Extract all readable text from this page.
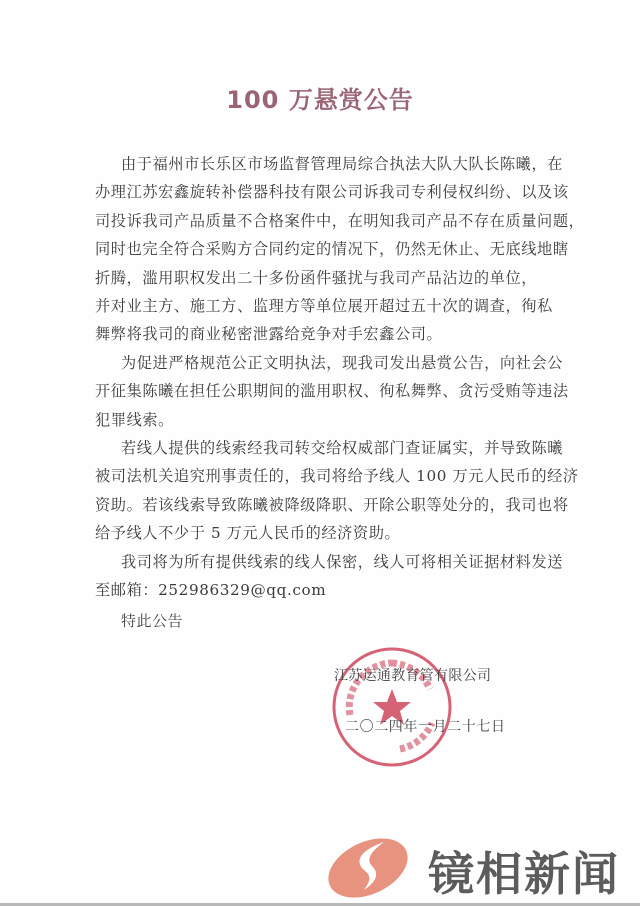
100 万悬赏公告
由于福州市长乐区市场监督管理局综合执法大队大队长陈曦，在
办理江苏宏鑫旋转补偿器科技有限公司诉我司专利侵权纠纷、以及该
司投诉我司产品质量不合格案件中，在明知我司产品不存在质量问题，
同时也完全符合采购方合同约定的情况下，仍然无休止、无底线地瞎
折腾，滥用职权发出二十多份函件骚扰与我司产品沾边的单位，
并对业主方、施工方、监理方等单位展开超过五十次的调查，徇私
舞弊将我司的商业秘密泄露给竞争对手宏鑫公司。
为促进严格规范公正文明执法，现我司发出悬赏公告，向社会公
开征集陈曦在担任公职期间的滥用职权、徇私舞弊、贪污受贿等违法
犯罪线索。
若线人提供的线索经我司转交给权威部门查证属实，并导致陈曦
被司法机关追究刑事责任的，我司将给予线人 100 万元人民币的经济
资助。若该线索导致陈曦被降级降职、开除公职等处分的，我司也将
给予线人不少于 5 万元人民币的经济资助。
我司将为所有提供线索的线人保密，线人可将相关证据材料发送
至邮箱：252986329@qq.com
特此公告
江苏运通教育管有限公司
二〇二四年一月二十七日
镜相新闻
